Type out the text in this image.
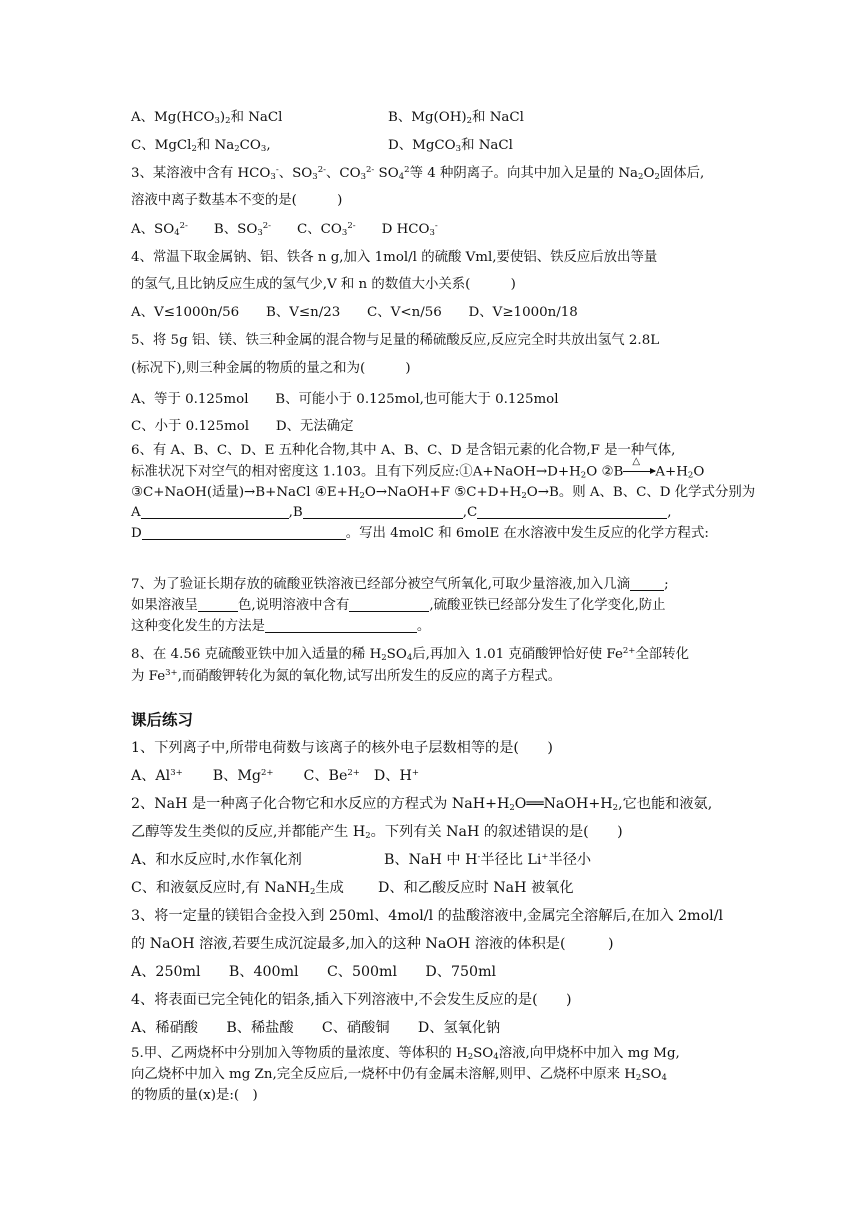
A、$Mg(HCO_3)_2$和 NaCl	B、$Mg(OH)_2$和 NaCl
C、MgCl$_2$和 $Na_2CO_3$,	D、MgCO$_3$和 NaCl
3、某溶液中含有 $HCO_3^-$、$SO_3^{2-}$、$CO_3^{2-}$ $SO_4^2$等 4 种阴离子。向其中加入足量的 $Na_2O_2$固体后,
溶液中离子数基本不变的是(　　　)
A、$SO_4^{2-}$ B、$SO_3^{2-}$ C、$CO_3^{2-}$ D $HCO_3^-$
4、常温下取金属钠、铝、铁各 n g,加入 1mol/l 的硫酸 Vml,要使铝、铁反应后放出等量
的氢气,且比钠反应生成的氢气少,V 和 n 的数值大小关系(　　　)
A、V≤1000n/56　　B、V≤n/23　　C、V<n/56　　D、V≥1000n/18
5、将 5g 铝、镁、铁三种金属的混合物与足量的稀硫酸反应,反应完全时共放出氢气 2.8L
(标况下),则三种金属的物质的量之和为(　　　)
A、等于 0.125mol　　B、可能小于 0.125mol,也可能大于 0.125mol
C、小于 0.125mol　　D、无法确定
6、有 A、B、C、D、E 五种化合物,其中 A、B、C、D 是含铝元素的化合物,F 是一种气体,
标准状况下对空气的相对密度这 1.103。且有下列反应$:①A+NaOH\to D+H_2O$ ②B
△
$A+H_2O$
③C+NaOH(适量)→B+NaCl $④E+H_2O\to NaOH+F$ $⑤C+D+H_2O\to B$。则 A、B、C、D 化学式分别为
A	,B	,C	,
D	。写出 4molC 和 6molE 在水溶液中发生反应的化学方程式:
7、为了验证长期存放的硫酸亚铁溶液已经部分被空气所氧化,可取少量溶液,加入几滴	;
如果溶液呈	色,说明溶液中含有	,硫酸亚铁已经部分发生了化学变化,防止
这种变化发生的方法是	。
8、在 4.56 克硫酸亚铁中加入适量的稀 $H_2SO_4$后,再加入 1.01 克硝酸钾恰好使 $Fe^{2+}$全部转化
为 $Fe^{3+}$,而硝酸钾转化为氮的氧化物,试写出所发生的反应的离子方程式。
课后练习
1、下列离子中,所带电荷数与该离子的核外电子层数相等的是(　　)
A、$Al^{3+}$ B、$Mg^{2+}$ C、$Be^{2+}$ D、H+
2、NaH 是一种离子化合物它和水反应的方程式为 $NaH+H_2O══NaOH+H_2$,它也能和液氨,
乙醇等发生类似的反应,并都能产生 $H_2$。下列有关 NaH 的叙述错误的是(　　)
A、和水反应时,水作氧化剂	B、NaH 中 H-半径比 Li+半径小
C、和液氨反应时,有 NaNH$_2$生成 D、和乙酸反应时 NaH 被氧化
3、将一定量的镁铝合金投入到 250ml、4mol/l 的盐酸溶液中,金属完全溶解后,在加入 2mol/l
的 NaOH 溶液,若要生成沉淀最多,加入的这种 NaOH 溶液的体积是(　　　)
A、250ml　　B、400ml　　C、500ml　　D、750ml
4、将表面已完全钝化的铝条,插入下列溶液中,不会发生反应的是(　　)
A、稀硝酸　　B、稀盐酸　　C、硝酸铜　　D、氢氧化钠
5.甲、乙两烧杯中分别加入等物质的量浓度、等体积的 $H_2SO_4$溶液,向甲烧杯中加入 mg Mg,
向乙烧杯中加入 mg Zn,完全反应后,一烧杯中仍有金属未溶解,则甲、乙烧杯中原来 $H_2SO_4$
的物质的量(x)是:(　)
